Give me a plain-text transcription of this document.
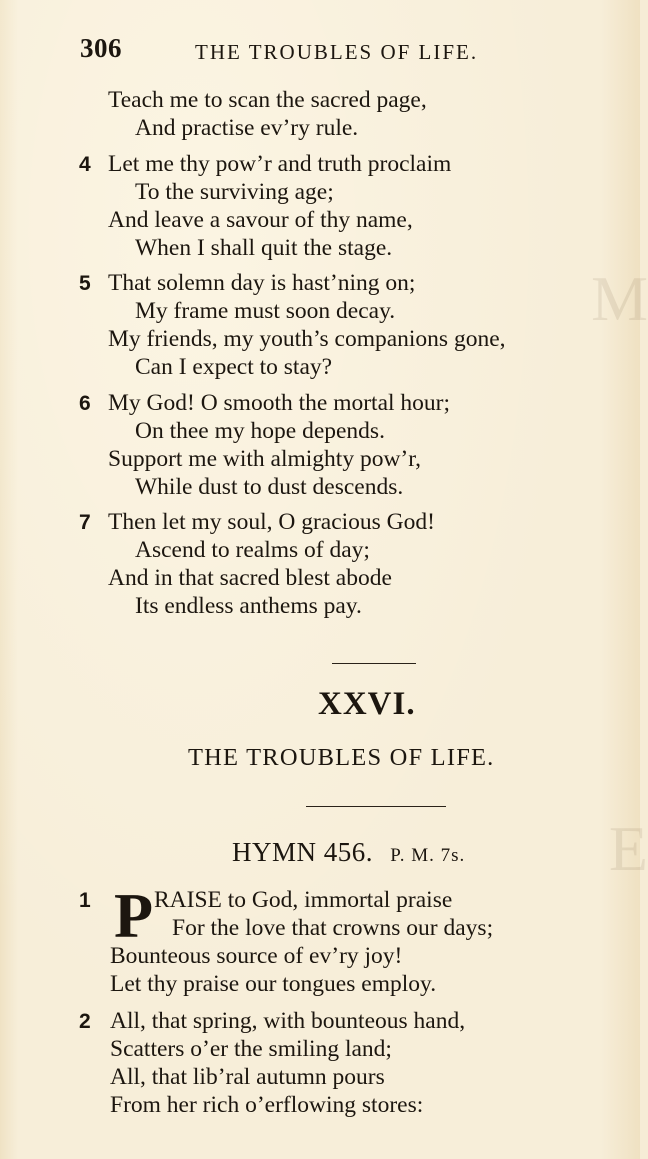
M
E
306	THE TROUBLES OF LIFE.
Teach me to scan the sacred page,
And practise ev’ry rule.
4 Let me thy pow’r and truth proclaim
To the surviving age;
And leave a savour of thy name,
When I shall quit the stage.
5 That solemn day is hast’ning on;
My frame must soon decay.
My friends, my youth’s companions gone,
Can I expect to stay?
6 My God! O smooth the mortal hour;
On thee my hope depends.
Support me with almighty pow’r,
While dust to dust descends.
7 Then let my soul, O gracious God!
Ascend to realms of day;
And in that sacred blest abode
Its endless anthems pay.
XXVI.
THE TROUBLES OF LIFE.
HYMN 456. P. M. 7s.
1 P RAISE to God, immortal praise
For the love that crowns our days;
Bounteous source of ev’ry joy!
Let thy praise our tongues employ.
2 All, that spring, with bounteous hand,
Scatters o’er the smiling land;
All, that lib’ral autumn pours
From her rich o’erflowing stores:
